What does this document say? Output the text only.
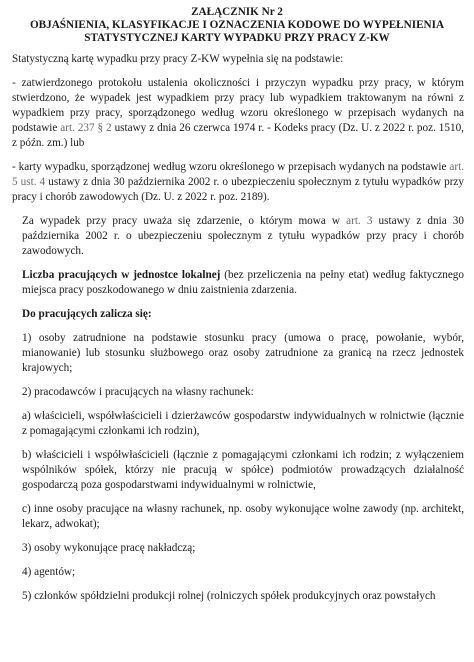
ZAŁĄCZNIK Nr 2
OBJAŚNIENIA, KLASYFIKACJE I OZNACZENIA KODOWE DO WYPEŁNIENIA
STATYSTYCZNEJ KARTY WYPADKU PRZY PRACY Z-KW
Statystyczną kartę wypadku przy pracy Z-KW wypełnia się na podstawie:
- zatwierdzonego protokołu ustalenia okoliczności i przyczyn wypadku przy pracy, w którym stwierdzono, że wypadek jest wypadkiem przy pracy lub wypadkiem traktowanym na równi z wypadkiem przy pracy, sporządzonego według wzoru określonego w przepisach wydanych na podstawie art. 237 § 2 ustawy z dnia 26 czerwca 1974 r. - Kodeks pracy (Dz. U. z 2022 r. poz. 1510, z późn. zm.) lub
- karty wypadku, sporządzonej według wzoru określonego w przepisach wydanych na podstawie art. 5 ust. 4 ustawy z dnia 30 października 2002 r. o ubezpieczeniu społecznym z tytułu wypadków przy pracy i chorób zawodowych (Dz. U. z 2022 r. poz. 2189).
Za wypadek przy pracy uważa się zdarzenie, o którym mowa w art. 3 ustawy z dnia 30 października 2002 r. o ubezpieczeniu społecznym z tytułu wypadków przy pracy i chorób zawodowych.
Liczba pracujących w jednostce lokalnej (bez przeliczenia na pełny etat) według faktycznego miejsca pracy poszkodowanego w dniu zaistnienia zdarzenia.
Do pracujących zalicza się:
1) osoby zatrudnione na podstawie stosunku pracy (umowa o pracę, powołanie, wybór, mianowanie) lub stosunku służbowego oraz osoby zatrudnione za granicą na rzecz jednostek krajowych;
2) pracodawców i pracujących na własny rachunek:
a) właścicieli, współwłaścicieli i dzierżawców gospodarstw indywidualnych w rolnictwie (łącznie z pomagającymi członkami ich rodzin),
b) właścicieli i współwłaścicieli (łącznie z pomagającymi członkami ich rodzin; z wyłączeniem wspólników spółek, którzy nie pracują w spółce) podmiotów prowadzących działalność gospodarczą poza gospodarstwami indywidualnymi w rolnictwie,
c) inne osoby pracujące na własny rachunek, np. osoby wykonujące wolne zawody (np. architekt, lekarz, adwokat);
3) osoby wykonujące pracę nakładczą;
4) agentów;
5) członków spółdzielni produkcji rolnej (rolniczych spółek produkcyjnych oraz powstałych
